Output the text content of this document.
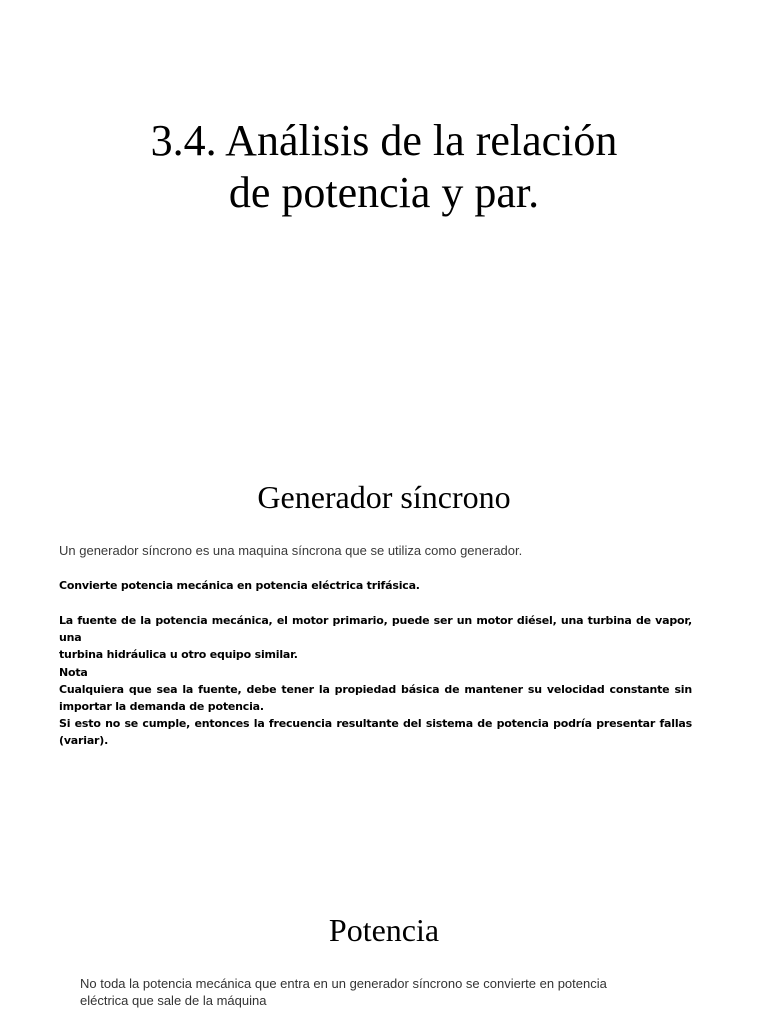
3.4. Análisis de la relación
de potencia y par.
Generador síncrono

Un generador síncrono es una maquina síncrona que se utiliza como generador.

Convierte potencia mecánica en potencia eléctrica trifásica.

La fuente de la potencia mecánica, el motor primario, puede ser un motor diésel, una turbina de vapor, una
turbina hidráulica u otro equipo similar.

Nota
Cualquiera que sea la fuente, debe tener la propiedad básica de mantener su velocidad constante sin
importar la demanda de potencia.
Si esto no se cumple, entonces la frecuencia resultante del sistema de potencia podría presentar fallas
(variar).

Potencia

No toda la potencia mecánica que entra en un generador síncrono se convierte en potencia
eléctrica que sale de la máquina
